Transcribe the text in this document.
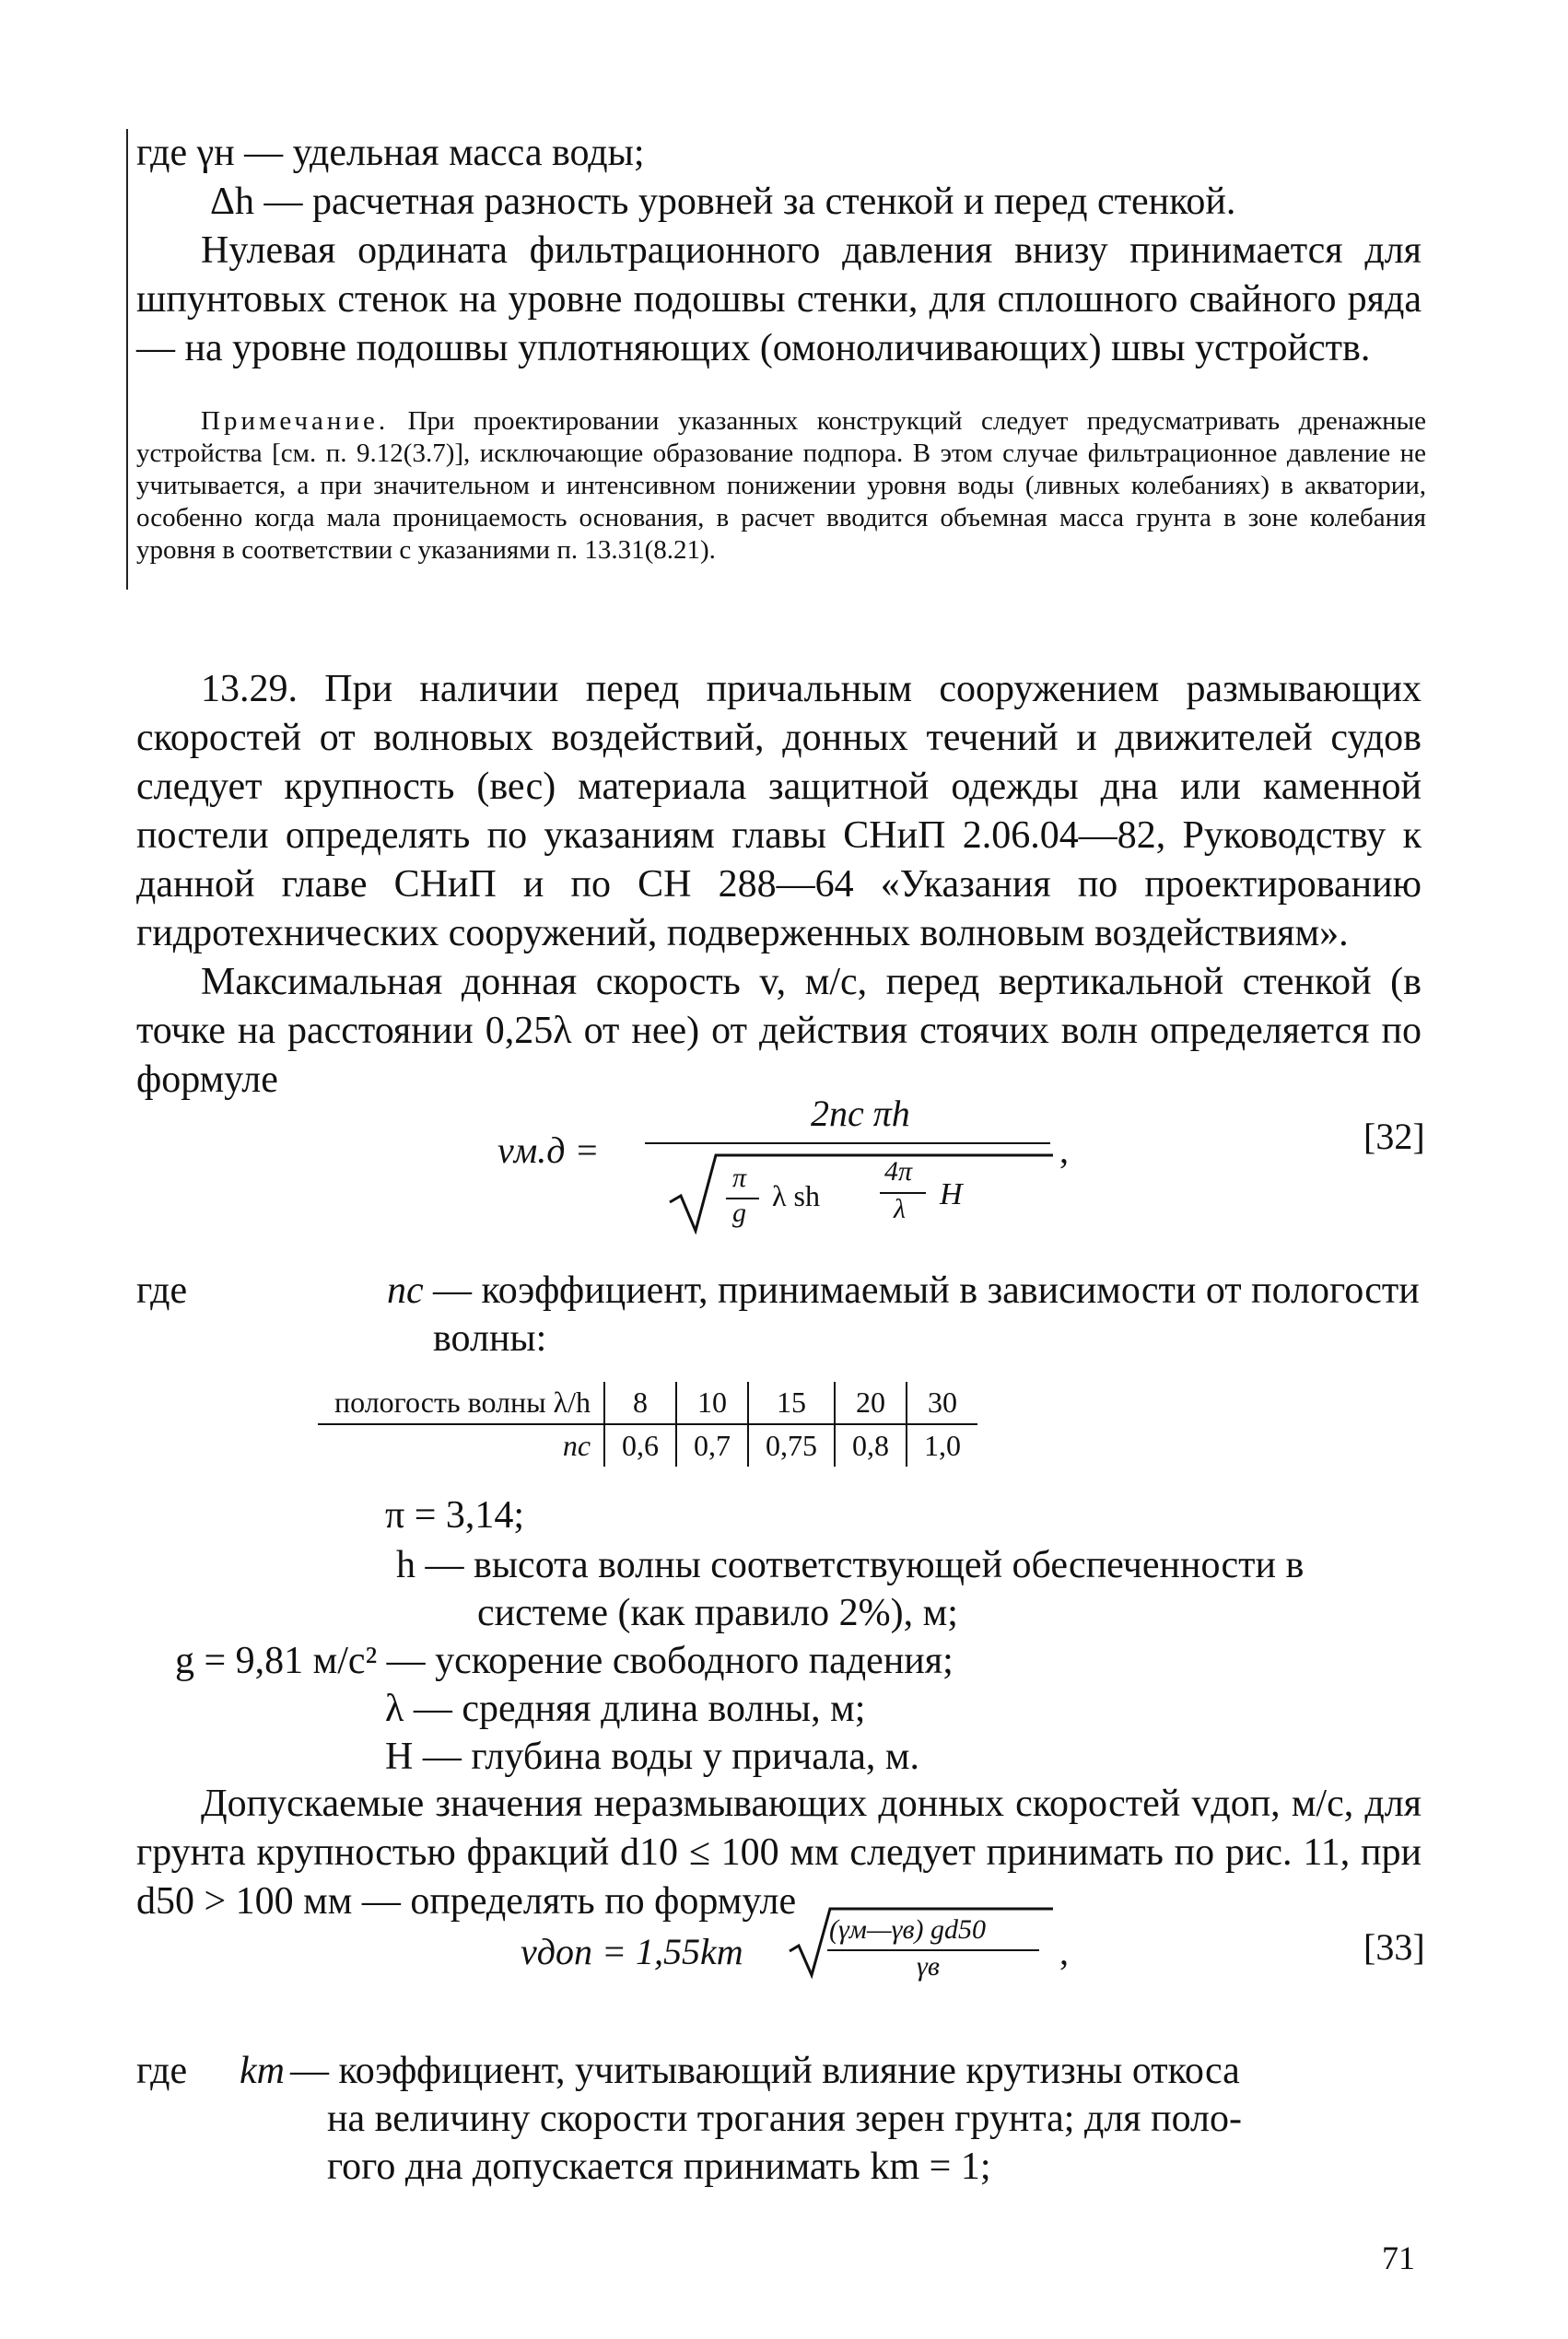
где γн — удельная масса воды;
Δh — расчетная разность уровней за стенкой и перед стенкой.
Нулевая ордината фильтрационного давления внизу принимается для шпунтовых стенок на уровне подошвы стенки, для сплошного свайного ряда — на уровне подошвы уплотняющих (омоноличивающих) швы устройств.
Примечание. При проектировании указанных конструкций следует предусматривать дренажные устройства [см. п. 9.12(3.7)], исключающие образование подпора. В этом случае фильтрационное давление не учитывается, а при значительном и интенсивном понижении уровня воды (ливных колебаниях) в акватории, особенно когда мала проницаемость основания, в расчет вводится объемная масса грунта в зоне колебания уровня в соответствии с указаниями п. 13.31(8.21).
13.29. При наличии перед причальным сооружением размывающих скоростей от волновых воздействий, донных течений и движителей судов следует крупность (вес) материала защитной одежды дна или каменной постели определять по указаниям главы СНиП 2.06.04—82, Руководству к данной главе СНиП и по СН 288—64 «Указания по проектированию гидротехнических сооружений, подверженных волновым воздействиям».
Максимальная донная скорость v, м/с, перед вертикальной стенкой (в точке на расстоянии 0,25λ от нее) от действия стоячих волн определяется по формуле
vм.д =
2nc πh
π
g
λ sh
4π
λ H
,	[32]
где	nc — коэффициент, принимаемый в зависимости от пологости волны:
пологость волны λ/h	8	10	15	20	30
nc	0,6	0,7	0,75	0,8	1,0
π = 3,14;
h — высота волны соответствующей обеспеченности в
системе (как правило 2%), м;
g = 9,81 м/с² — ускорение свободного падения;
λ — средняя длина волны, м;
H — глубина воды у причала, м.
Допускаемые значения неразмывающих донных скоростей vдоп, м/с, для грунта крупностью фракций d10 ≤ 100 мм следует принимать по рис. 11, при d50 > 100 мм — определять по формуле
vдоп = 1,55km
(γм—γв) gd50
γв	,	[33]
где km — коэффициент, учитывающий влияние крутизны откоса
на величину скорости трогания зерен грунта; для поло-
гого дна допускается принимать km = 1;
71
